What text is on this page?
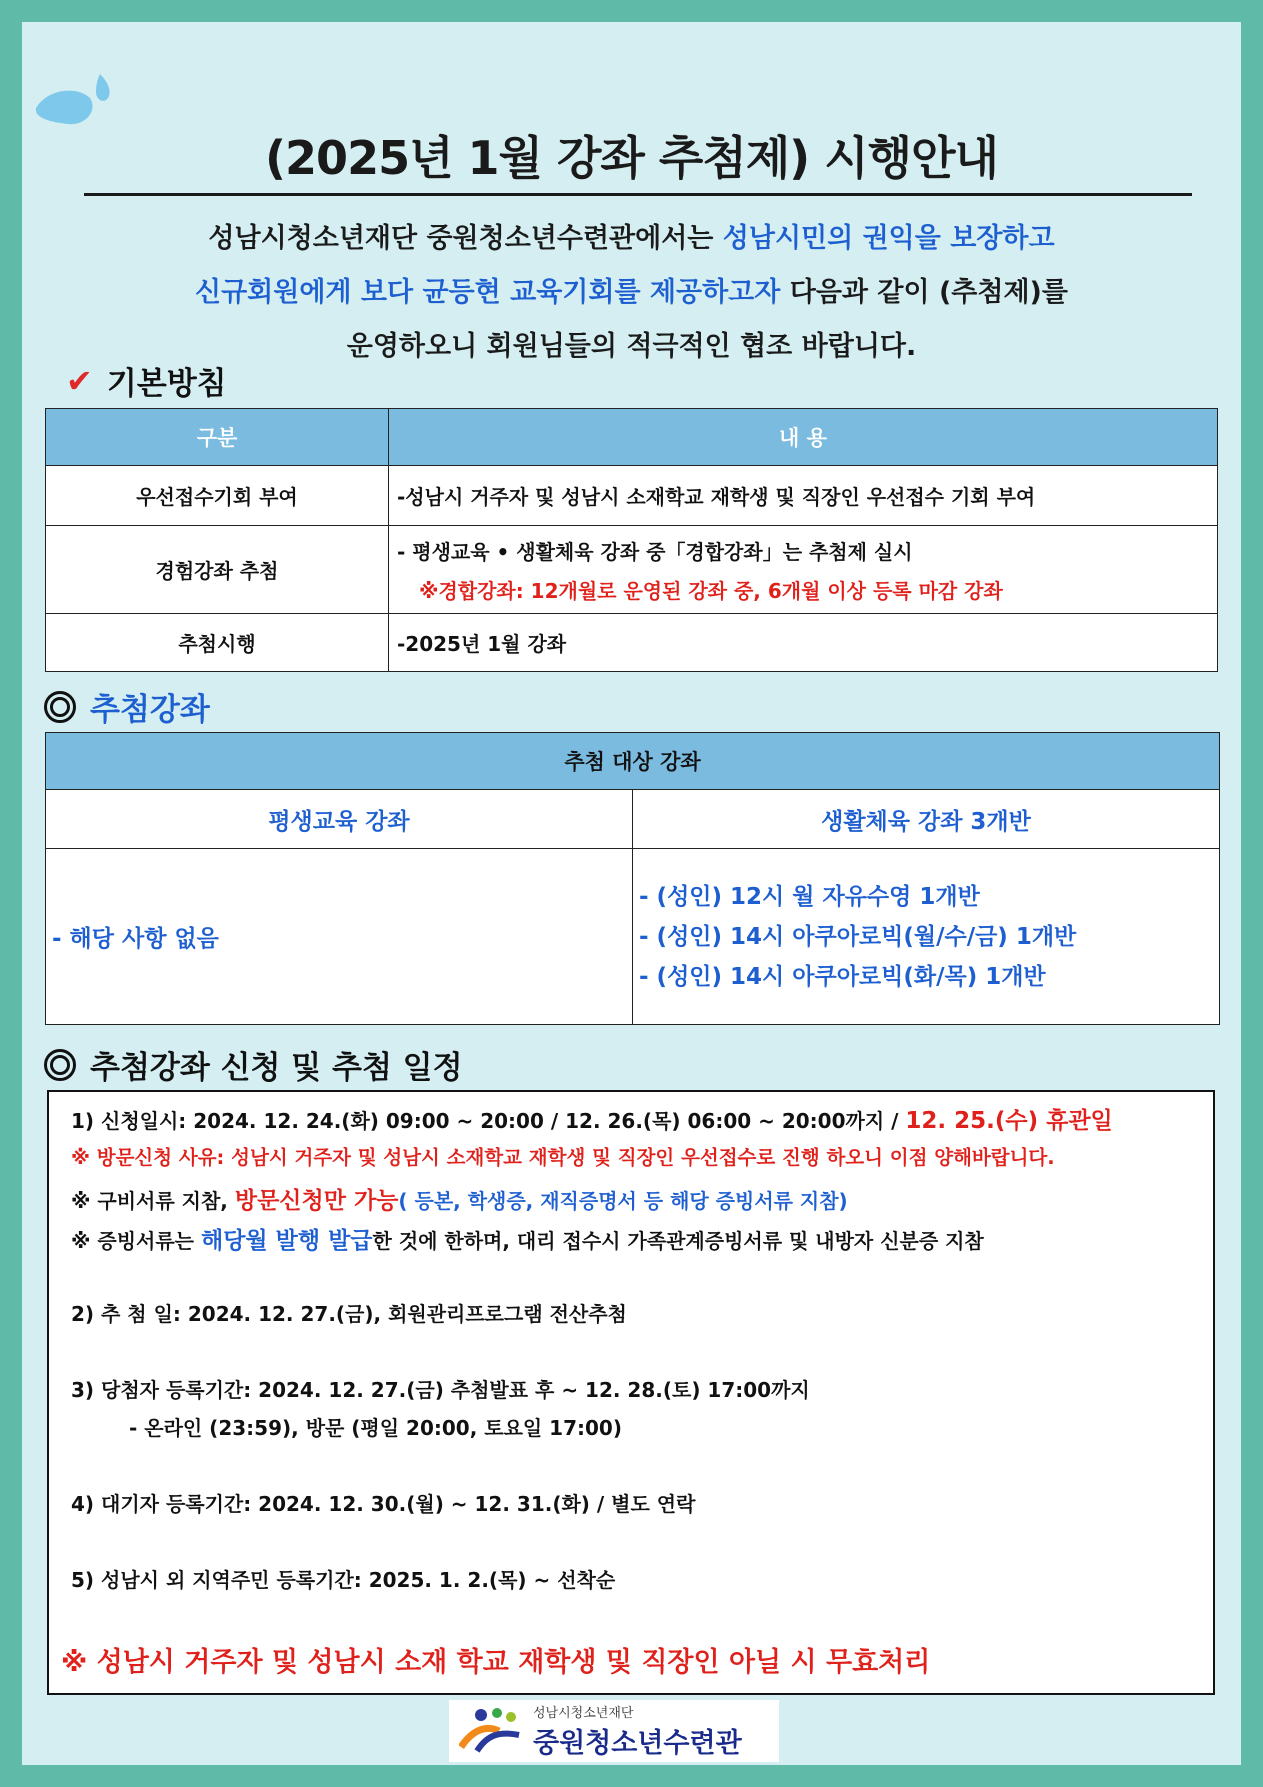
(2025년 1월 강좌 추첨제) 시행안내
성남시청소년재단 중원청소년수련관에서는 성남시민의 권익을 보장하고
신규회원에게 보다 균등현 교육기회를 제공하고자 다음과 같이 (추첨제)를
운영하오니 회원님들의 적극적인 협조 바랍니다.
✔ 기본방침
구분	내 용
우선접수기회 부여	-성남시 거주자 및 성남시 소재학교 재학생 및 직장인 우선접수 기회 부여
경험강좌 추첨	- 평생교육 • 생활체육 강좌 중「경합강좌」는 추첨제 실시
※경합강좌: 12개월로 운영된 강좌 중, 6개월 이상 등록 마감 강좌

추첨시행	-2025년 1월 강좌
추첨강좌
추첨 대상 강좌	
평생교육 강좌	생활체육 강좌 3개반
- 해당 사항 없음	- (성인) 12시 월 자유수영 1개반
- (성인) 14시 아쿠아로빅(월/수/금) 1개반
- (성인) 14시 아쿠아로빅(화/목) 1개반
추첨강좌 신청 및 추첨 일정
1) 신청일시: 2024. 12. 24.(화) 09:00 ~ 20:00 / 12. 26.(목) 06:00 ~ 20:00까지 / 12. 25.(수) 휴관일
※ 방문신청 사유: 성남시 거주자 및 성남시 소재학교 재학생 및 직장인 우선접수로 진행 하오니 이점 양해바랍니다.
※ 구비서류 지참, 방문신청만 가능( 등본, 학생증, 재직증명서 등 해당 증빙서류 지참)
※ 증빙서류는 해당월 발행 발급한 것에 한하며, 대리 접수시 가족관계증빙서류 및 내방자 신분증 지참
2) 추 첨 일: 2024. 12. 27.(금), 회원관리프로그램 전산추첨
3) 당첨자 등록기간: 2024. 12. 27.(금) 추첨발표 후 ~ 12. 28.(토) 17:00까지
- 온라인 (23:59), 방문 (평일 20:00, 토요일 17:00)
4) 대기자 등록기간: 2024. 12. 30.(월) ~ 12. 31.(화) / 별도 연락
5) 성남시 외 지역주민 등록기간: 2025. 1. 2.(목) ~ 선착순
※ 성남시 거주자 및 성남시 소재 학교 재학생 및 직장인 아닐 시 무효처리
성남시청소년재단
중원청소년수련관
